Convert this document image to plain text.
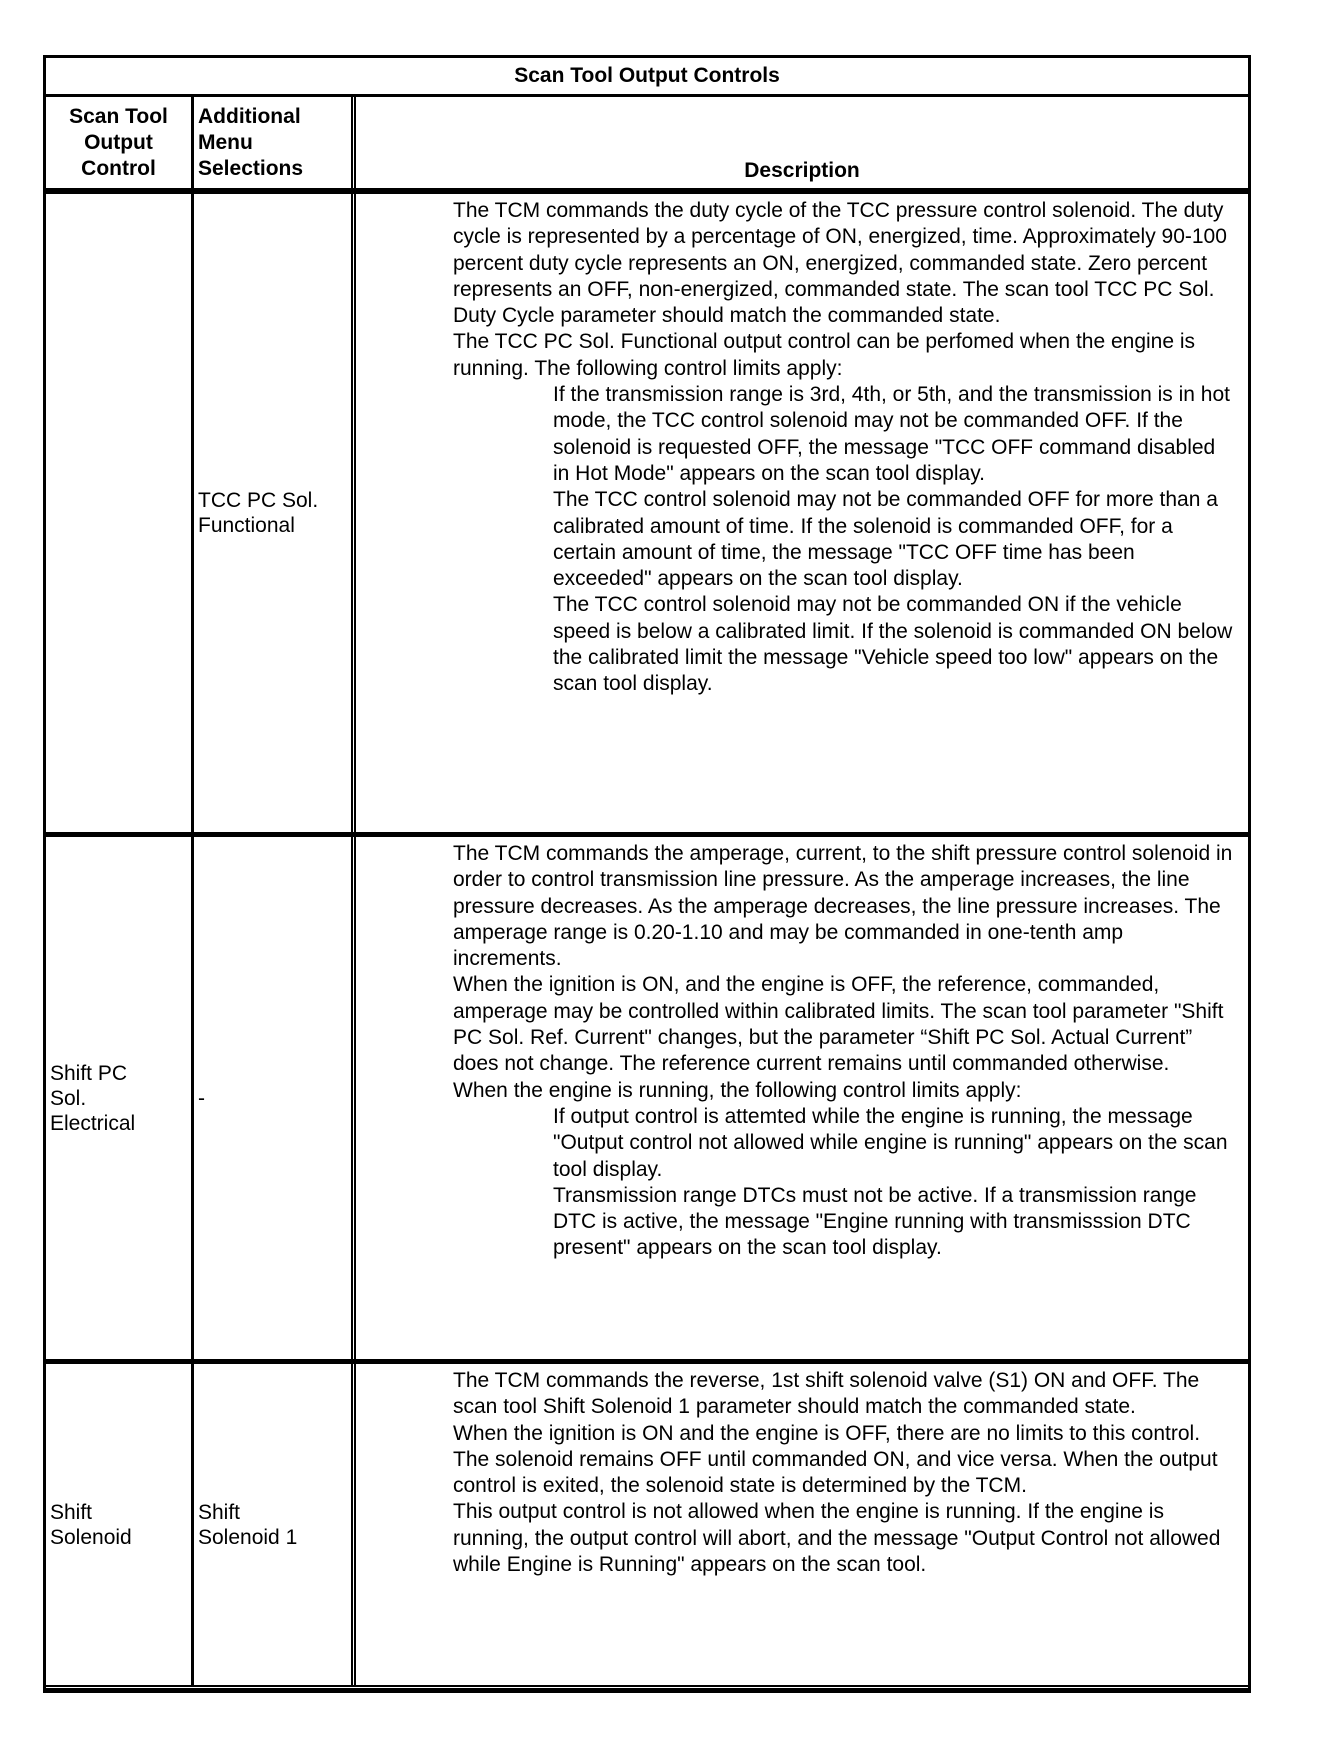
Scan Tool Output Controls
Scan Tool
Output
Control
Additional
Menu
Selections	Description
TCC PC Sol.
Functional

The TCM commands the duty cycle of the TCC pressure control solenoid. The duty cycle is represented by a percentage of ON, energized, time. Approximately 90-100 percent duty cycle represents an ON, energized, commanded state. Zero percent represents an OFF, non-energized, commanded state. The scan tool TCC PC Sol. Duty Cycle parameter should match the commanded state.

The TCC PC Sol. Functional output control can be perfomed when the engine is running. The following control limits apply:

If the transmission range is 3rd, 4th, or 5th, and the transmission is in hot mode, the TCC control solenoid may not be commanded OFF. If the solenoid is requested OFF, the message "TCC OFF command disabled in Hot Mode" appears on the scan tool display.

The TCC control solenoid may not be commanded OFF for more than a calibrated amount of time. If the solenoid is commanded OFF, for a certain amount of time, the message "TCC OFF time has been exceeded" appears on the scan tool display.

The TCC control solenoid may not be commanded ON if the vehicle speed is below a calibrated limit. If the solenoid is commanded ON below the calibrated limit the message "Vehicle speed too low" appears on the scan tool display.

Shift PC
Sol.
Electrical
-

The TCM commands the amperage, current, to the shift pressure control solenoid in order to control transmission line pressure. As the amperage increases, the line pressure decreases. As the amperage decreases, the line pressure increases. The amperage range is 0.20-1.10 and may be commanded in one-tenth amp increments.

When the ignition is ON, and the engine is OFF, the reference, commanded, amperage may be controlled within calibrated limits. The scan tool parameter "Shift PC Sol. Ref. Current" changes, but the parameter “Shift PC Sol. Actual Current” does not change. The reference current remains until commanded otherwise.

When the engine is running, the following control limits apply:

If output control is attemted while the engine is running, the message "Output control not allowed while engine is running" appears on the scan tool display.

Transmission range DTCs must not be active. If a transmission range DTC is active, the message "Engine running with transmisssion DTC present" appears on the scan tool display.

Shift
Solenoid
Shift
Solenoid 1

The TCM commands the reverse, 1st shift solenoid valve (S1) ON and OFF. The scan tool Shift Solenoid 1 parameter should match the commanded state.

When the ignition is ON and the engine is OFF, there are no limits to this control. The solenoid remains OFF until commanded ON, and vice versa. When the output control is exited, the solenoid state is determined by the TCM.

This output control is not allowed when the engine is running. If the engine is running, the output control will abort, and the message "Output Control not allowed while Engine is Running" appears on the scan tool.
